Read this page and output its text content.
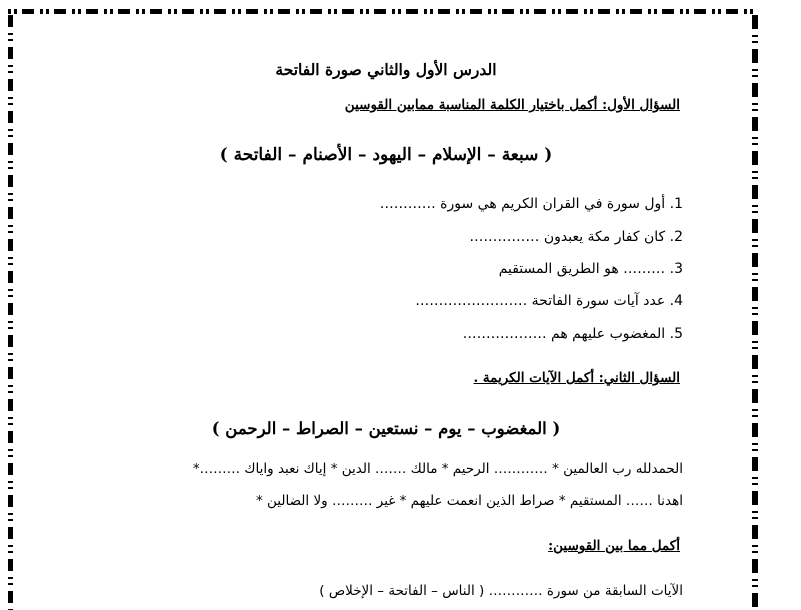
الدرس الأول والثاني صورة الفاتحة
السؤال الأول: أكمل باختيار الكلمة المناسبة ممابين القوسين
( سبعة – الإسلام – اليهود – الأصنام – الفاتحة )
1. أول سورة في القران الكريم هي سورة …………
2. كان كفار مكة يعبدون ……………
3. ……… هو الطريق المستقيم
4. عدد آيات سورة الفاتحة ……………………
5. المغضوب عليهم هم ………………
السؤال الثاني: أكمل الآيات الكريمة .
( المغضوب – يوم – نستعين – الصراط – الرحمن )
الحمدلله رب العالمين * ………… الرحيم * مالك ……. الدين * إياك نعبد واياك ………*
اهدنا …… المستقيم * صراط الذين انعمت عليهم * غير ……… ولا الضالين *
أكمل مما بين القوسين:
الآيات السابقة من سورة ………… ( الناس – الفاتحة – الإخلاص )
